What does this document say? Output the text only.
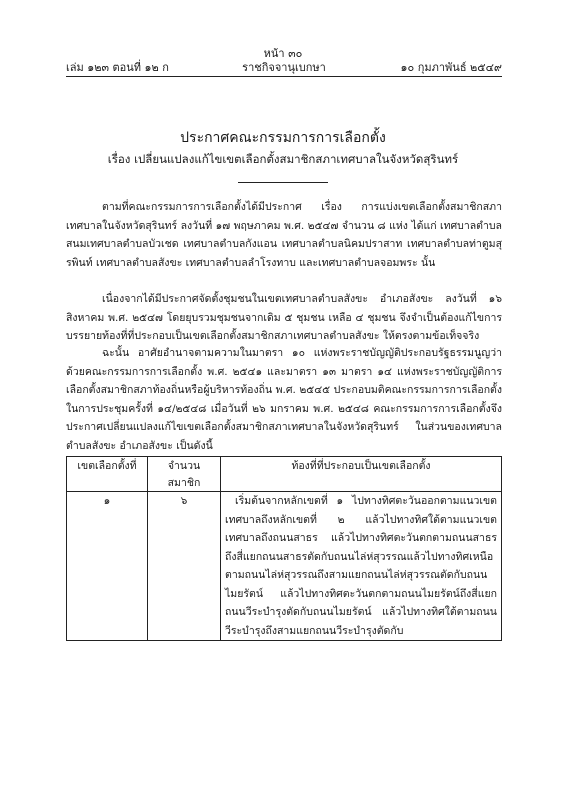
หน้า ๓๐
ราชกิจจานุเบกษา
เล่ม ๑๒๓ ตอนที่ ๑๒ ก	๑๐ กุมภาพันธ์ ๒๕๔๙
ประกาศคณะกรรมการการเลือกตั้ง
เรื่อง เปลี่ยนแปลงแก้ไขเขตเลือกตั้งสมาชิกสภาเทศบาลในจังหวัดสุรินทร์

ตามที่คณะกรรมการการเลือกตั้งได้มีประกาศ เรื่อง การแบ่งเขตเลือกตั้งสมาชิกสภาเทศบาลในจังหวัดสุรินทร์ ลงวันที่ ๑๗ พฤษภาคม พ.ศ. ๒๕๔๗ จำนวน ๘ แห่ง ได้แก่ เทศบาลตำบลสนมเทศบาลตำบลบัวเชด เทศบาลตำบลกังแอน เทศบาลตำบลนิคมปราสาท เทศบาลตำบลท่าตูมสุรพินท์ เทศบาลตำบลสังขะ เทศบาลตำบลลำโรงทาบ และเทศบาลตำบลจอมพระ นั้น

เนื่องจากได้มีประกาศจัดตั้งชุมชนในเขตเทศบาลตำบลสังขะ อำเภอสังขะ ลงวันที่ ๑๖ สิงหาคม พ.ศ. ๒๕๔๗ โดยยุบรวมชุมชนจากเดิม ๕ ชุมชน เหลือ ๔ ชุมชน จึงจำเป็นต้องแก้ไขการบรรยายท้องที่ที่ประกอบเป็นเขตเลือกตั้งสมาชิกสภาเทศบาลตำบลสังขะ ให้ตรงตามข้อเท็จจริง

ฉะนั้น อาศัยอำนาจตามความในมาตรา ๑๐ แห่งพระราชบัญญัติประกอบรัฐธรรมนูญว่าด้วยคณะกรรมการการเลือกตั้ง พ.ศ. ๒๕๔๑ และมาตรา ๑๓ มาตรา ๑๔ แห่งพระราชบัญญัติการเลือกตั้งสมาชิกสภาท้องถิ่นหรือผู้บริหารท้องถิ่น พ.ศ. ๒๕๔๕ ประกอบมติคณะกรรมการการเลือกตั้ง ในการประชุมครั้งที่ ๑๔/๒๕๔๘ เมื่อวันที่ ๒๖ มกราคม พ.ศ. ๒๕๔๘ คณะกรรมการการเลือกตั้งจึงประกาศเปลี่ยนแปลงแก้ไขเขตเลือกตั้งสมาชิกสภาเทศบาลในจังหวัดสุรินทร์ ในส่วนของเทศบาลตำบลสังขะ อำเภอสังขะ เป็นดังนี้

เขตเลือกตั้งที่	จำนวนสมาชิก	ท้องที่ที่ประกอบเป็นเขตเลือกตั้ง
๑	๖	เริ่มต้นจากหลักเขตที่ ๑ ไปทางทิศตะวันออกตามแนวเขตเทศบาลถึงหลักเขตที่ ๒ แล้วไปทางทิศใต้ตามแนวเขตเทศบาลถึงถนนสาธร แล้วไปทางทิศตะวันตกตามถนนสาธรถึงสี่แยกถนนสาธรตัดกับถนนไล่ห่สุวรรณแล้วไปทางทิศเหนือตามถนนไล่ห่สุวรรณถึงสามแยกถนนไล่ห่สุวรรณตัดกับถนนไมยรัตน์ แล้วไปทางทิศตะวันตกตามถนนไมยรัตน์ถึงสี่แยกถนนวีระบำรุงตัดกับถนนไมยรัตน์ แล้วไปทางทิศใต้ตามถนนวีระบำรุงถึงสามแยกถนนวีระบำรุงตัดกับ
